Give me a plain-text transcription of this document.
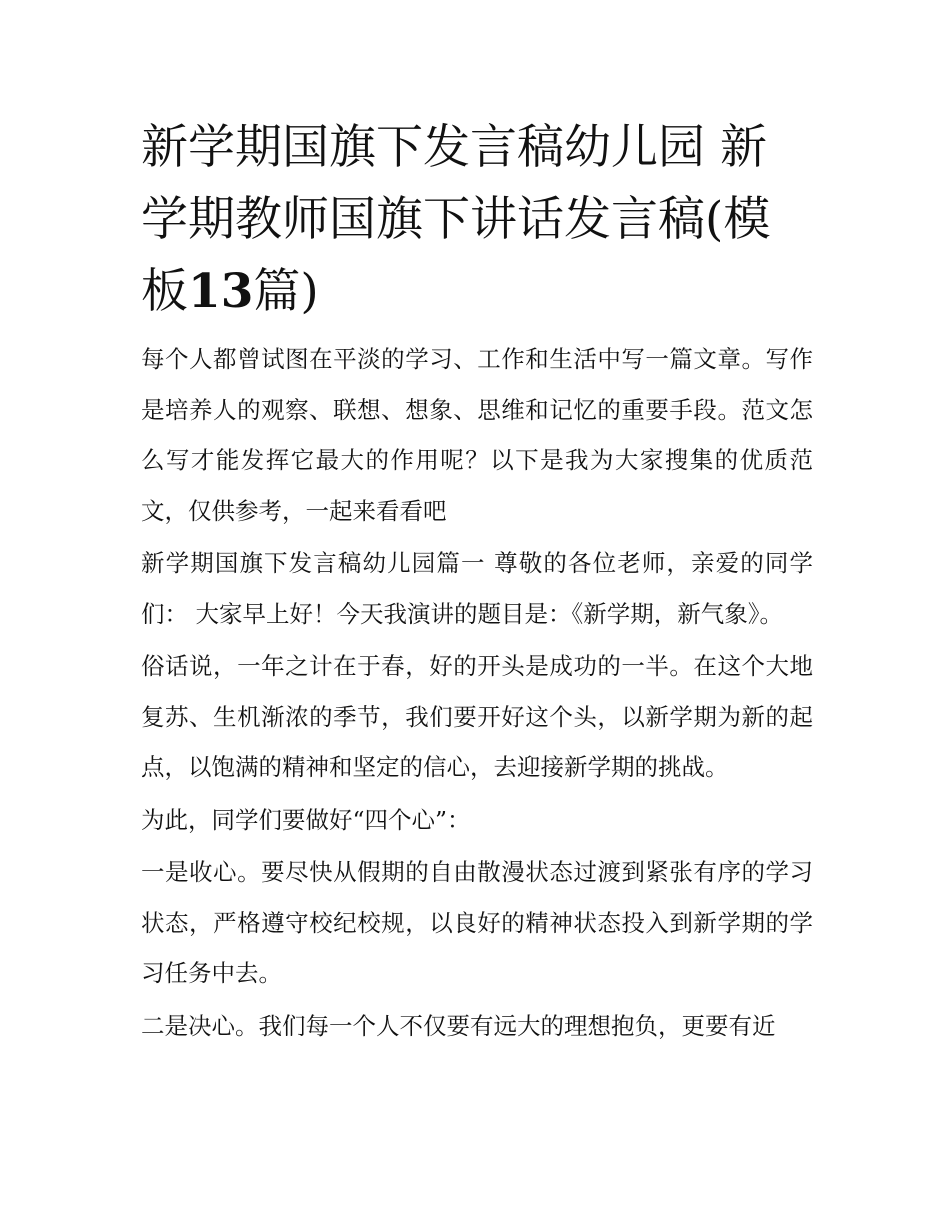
新学期国旗下发言稿幼儿园 新学期教师国旗下讲话发言稿(模板13篇)

每个人都曾试图在平淡的学习、工作和生活中写一篇文章。写作是培养人的观察、联想、想象、思维和记忆的重要手段。范文怎么写才能发挥它最大的作用呢？以下是我为大家搜集的优质范文，仅供参考，一起来看看吧

新学期国旗下发言稿幼儿园篇一 尊敬的各位老师，亲爱的同学们： 大家早上好！今天我演讲的题目是：《新学期，新气象》。

俗话说，一年之计在于春，好的开头是成功的一半。在这个大地复苏、生机渐浓的季节，我们要开好这个头，以新学期为新的起点，以饱满的精神和坚定的信心，去迎接新学期的挑战。

为此，同学们要做好“四个心”：

一是收心。要尽快从假期的自由散漫状态过渡到紧张有序的学习状态，严格遵守校纪校规，以良好的精神状态投入到新学期的学习任务中去。

二是决心。我们每一个人不仅要有远大的理想抱负，更要有近
